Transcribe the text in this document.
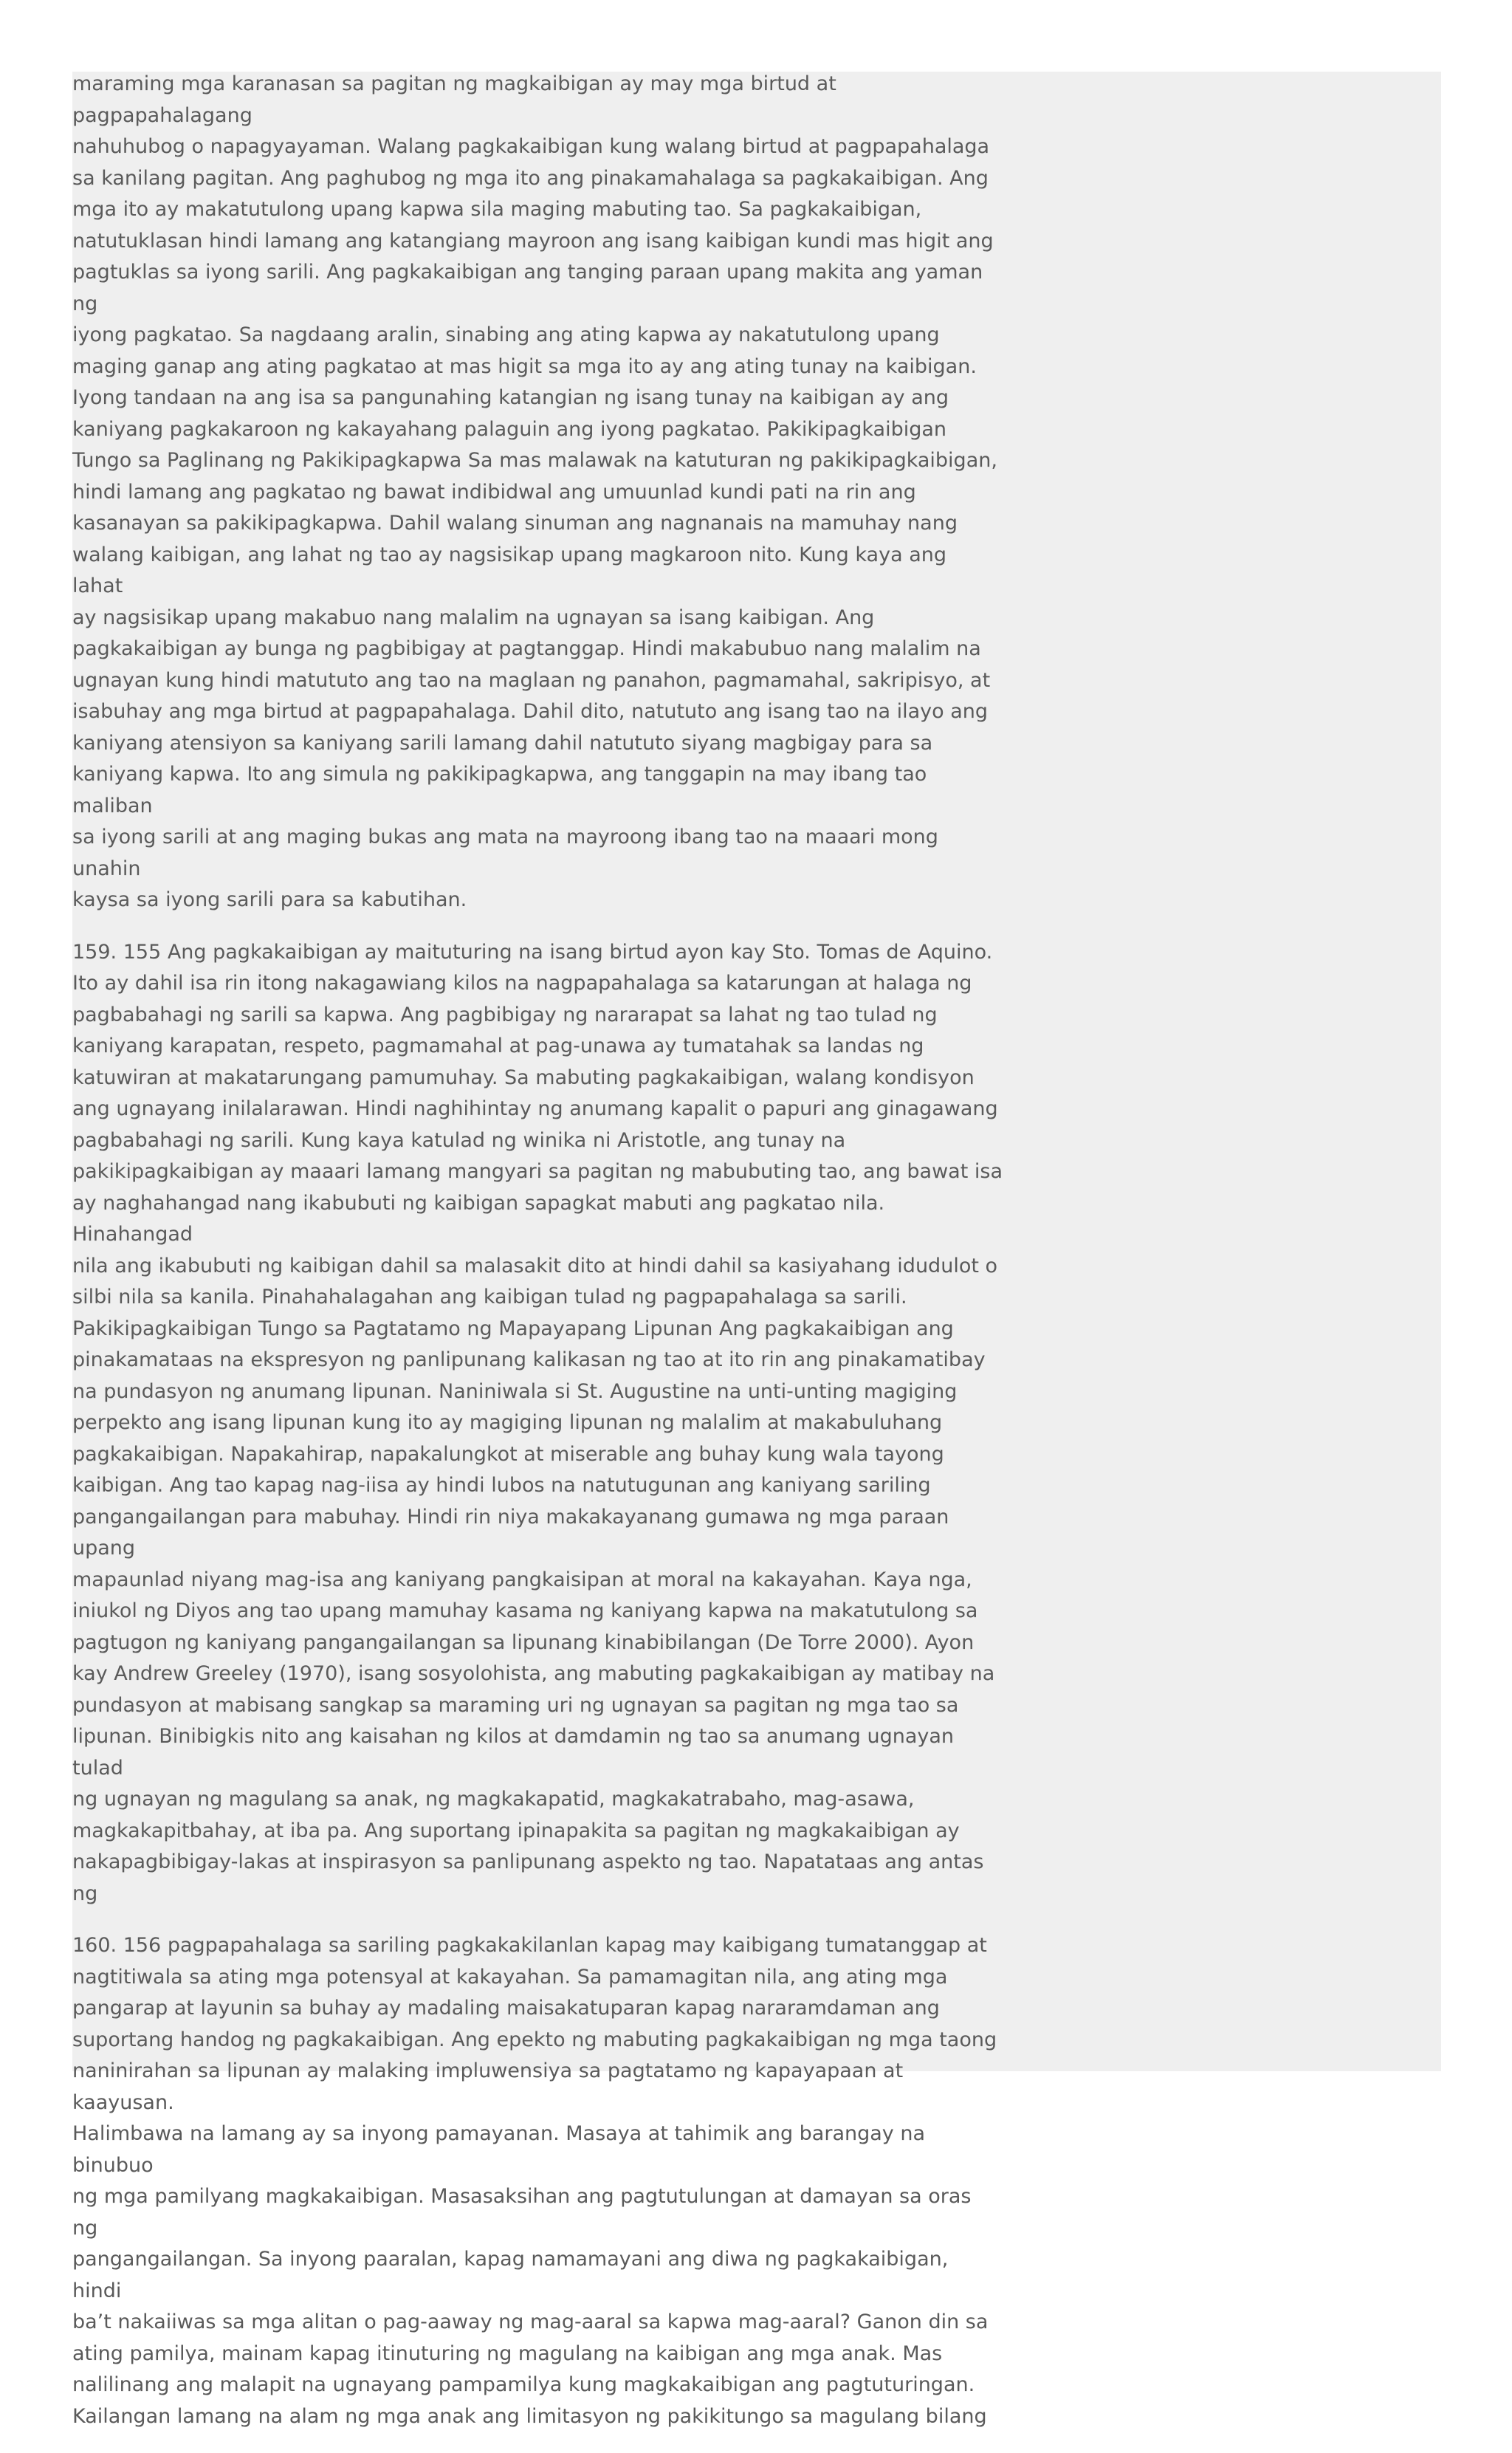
maraming mga karanasan sa pagitan ng magkaibigan ay may mga birtud at pagpapahalagang
nahuhubog o napagyayaman. Walang pagkakaibigan kung walang birtud at pagpapahalaga
sa kanilang pagitan. Ang paghubog ng mga ito ang pinakamahalaga sa pagkakaibigan. Ang
mga ito ay makatutulong upang kapwa sila maging mabuting tao. Sa pagkakaibigan,
natutuklasan hindi lamang ang katangiang mayroon ang isang kaibigan kundi mas higit ang
pagtuklas sa iyong sarili. Ang pagkakaibigan ang tanging paraan upang makita ang yaman ng
iyong pagkatao. Sa nagdaang aralin, sinabing ang ating kapwa ay nakatutulong upang
maging ganap ang ating pagkatao at mas higit sa mga ito ay ang ating tunay na kaibigan.
Iyong tandaan na ang isa sa pangunahing katangian ng isang tunay na kaibigan ay ang
kaniyang pagkakaroon ng kakayahang palaguin ang iyong pagkatao. Pakikipagkaibigan
Tungo sa Paglinang ng Pakikipagkapwa Sa mas malawak na katuturan ng pakikipagkaibigan,
hindi lamang ang pagkatao ng bawat indibidwal ang umuunlad kundi pati na rin ang
kasanayan sa pakikipagkapwa. Dahil walang sinuman ang nagnanais na mamuhay nang
walang kaibigan, ang lahat ng tao ay nagsisikap upang magkaroon nito. Kung kaya ang lahat
ay nagsisikap upang makabuo nang malalim na ugnayan sa isang kaibigan. Ang
pagkakaibigan ay bunga ng pagbibigay at pagtanggap. Hindi makabubuo nang malalim na
ugnayan kung hindi matututo ang tao na maglaan ng panahon, pagmamahal, sakripisyo, at
isabuhay ang mga birtud at pagpapahalaga. Dahil dito, natututo ang isang tao na ilayo ang
kaniyang atensiyon sa kaniyang sarili lamang dahil natututo siyang magbigay para sa
kaniyang kapwa. Ito ang simula ng pakikipagkapwa, ang tanggapin na may ibang tao maliban
sa iyong sarili at ang maging bukas ang mata na mayroong ibang tao na maaari mong unahin
kaysa sa iyong sarili para sa kabutihan.

159. 155 Ang pagkakaibigan ay maituturing na isang birtud ayon kay Sto. Tomas de Aquino.
Ito ay dahil isa rin itong nakagawiang kilos na nagpapahalaga sa katarungan at halaga ng
pagbabahagi ng sarili sa kapwa. Ang pagbibigay ng nararapat sa lahat ng tao tulad ng
kaniyang karapatan, respeto, pagmamahal at pag-unawa ay tumatahak sa landas ng
katuwiran at makatarungang pamumuhay. Sa mabuting pagkakaibigan, walang kondisyon
ang ugnayang inilalarawan. Hindi naghihintay ng anumang kapalit o papuri ang ginagawang
pagbabahagi ng sarili. Kung kaya katulad ng winika ni Aristotle, ang tunay na
pakikipagkaibigan ay maaari lamang mangyari sa pagitan ng mabubuting tao, ang bawat isa
ay naghahangad nang ikabubuti ng kaibigan sapagkat mabuti ang pagkatao nila. Hinahangad
nila ang ikabubuti ng kaibigan dahil sa malasakit dito at hindi dahil sa kasiyahang idudulot o
silbi nila sa kanila. Pinahahalagahan ang kaibigan tulad ng pagpapahalaga sa sarili.
Pakikipagkaibigan Tungo sa Pagtatamo ng Mapayapang Lipunan Ang pagkakaibigan ang
pinakamataas na ekspresyon ng panlipunang kalikasan ng tao at ito rin ang pinakamatibay
na pundasyon ng anumang lipunan. Naniniwala si St. Augustine na unti-unting magiging
perpekto ang isang lipunan kung ito ay magiging lipunan ng malalim at makabuluhang
pagkakaibigan. Napakahirap, napakalungkot at miserable ang buhay kung wala tayong
kaibigan. Ang tao kapag nag-iisa ay hindi lubos na natutugunan ang kaniyang sariling
pangangailangan para mabuhay. Hindi rin niya makakayanang gumawa ng mga paraan upang
mapaunlad niyang mag-isa ang kaniyang pangkaisipan at moral na kakayahan. Kaya nga,
iniukol ng Diyos ang tao upang mamuhay kasama ng kaniyang kapwa na makatutulong sa
pagtugon ng kaniyang pangangailangan sa lipunang kinabibilangan (De Torre 2000). Ayon
kay Andrew Greeley (1970), isang sosyolohista, ang mabuting pagkakaibigan ay matibay na
pundasyon at mabisang sangkap sa maraming uri ng ugnayan sa pagitan ng mga tao sa
lipunan. Binibigkis nito ang kaisahan ng kilos at damdamin ng tao sa anumang ugnayan tulad
ng ugnayan ng magulang sa anak, ng magkakapatid, magkakatrabaho, mag-asawa,
magkakapitbahay, at iba pa. Ang suportang ipinapakita sa pagitan ng magkakaibigan ay
nakapagbibigay-lakas at inspirasyon sa panlipunang aspekto ng tao. Napatataas ang antas
ng

160. 156 pagpapahalaga sa sariling pagkakakilanlan kapag may kaibigang tumatanggap at
nagtitiwala sa ating mga potensyal at kakayahan. Sa pamamagitan nila, ang ating mga
pangarap at layunin sa buhay ay madaling maisakatuparan kapag nararamdaman ang
suportang handog ng pagkakaibigan. Ang epekto ng mabuting pagkakaibigan ng mga taong
naninirahan sa lipunan ay malaking impluwensiya sa pagtatamo ng kapayapaan at kaayusan.
Halimbawa na lamang ay sa inyong pamayanan. Masaya at tahimik ang barangay na binubuo
ng mga pamilyang magkakaibigan. Masasaksihan ang pagtutulungan at damayan sa oras ng
pangangailangan. Sa inyong paaralan, kapag namamayani ang diwa ng pagkakaibigan, hindi
ba’t nakaiiwas sa mga alitan o pag-aaway ng mag-aaral sa kapwa mag-aaral? Ganon din sa
ating pamilya, mainam kapag itinuturing ng magulang na kaibigan ang mga anak. Mas
nalilinang ang malapit na ugnayang pampamilya kung magkakaibigan ang pagtuturingan.
Kailangan lamang na alam ng mga anak ang limitasyon ng pakikitungo sa magulang bilang
